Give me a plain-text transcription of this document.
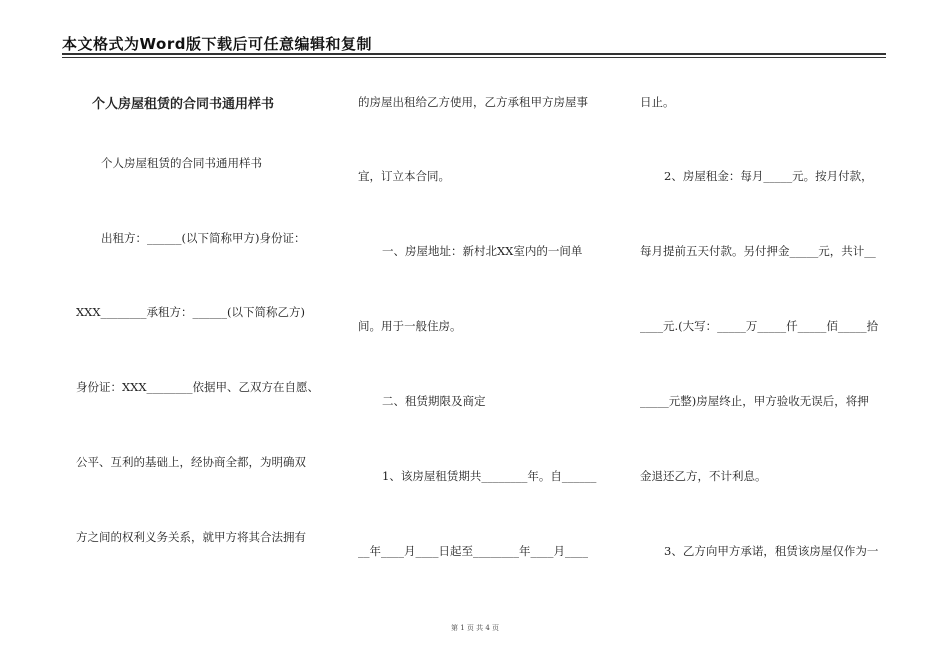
本文格式为Word版下载后可任意编辑和复制
个人房屋租赁的合同书通用样书
个人房屋租赁的合同书通用样书
出租方：______(以下简称甲方)身份证：
XXX________承租方：______(以下简称乙方)
身份证：XXX________依据甲、乙双方在自愿、
公平、互利的基础上，经协商全都，为明确双
方之间的权利义务关系，就甲方将其合法拥有
的房屋出租给乙方使用，乙方承租甲方房屋事
宜，订立本合同。
一、房屋地址：新村北XX室内的一间单
间。用于一般住房。
二、租赁期限及商定
1、该房屋租赁期共________年。自______
__年____月____日起至________年____月____
日止。
2、房屋租金：每月_____元。按月付款，
每月提前五天付款。另付押金_____元，共计__
____元.(大写：_____万_____仟_____佰_____拾
_____元整)房屋终止，甲方验收无误后，将押
金退还乙方，不计利息。
3、乙方向甲方承诺，租赁该房屋仅作为一
第 1 页 共 4 页
